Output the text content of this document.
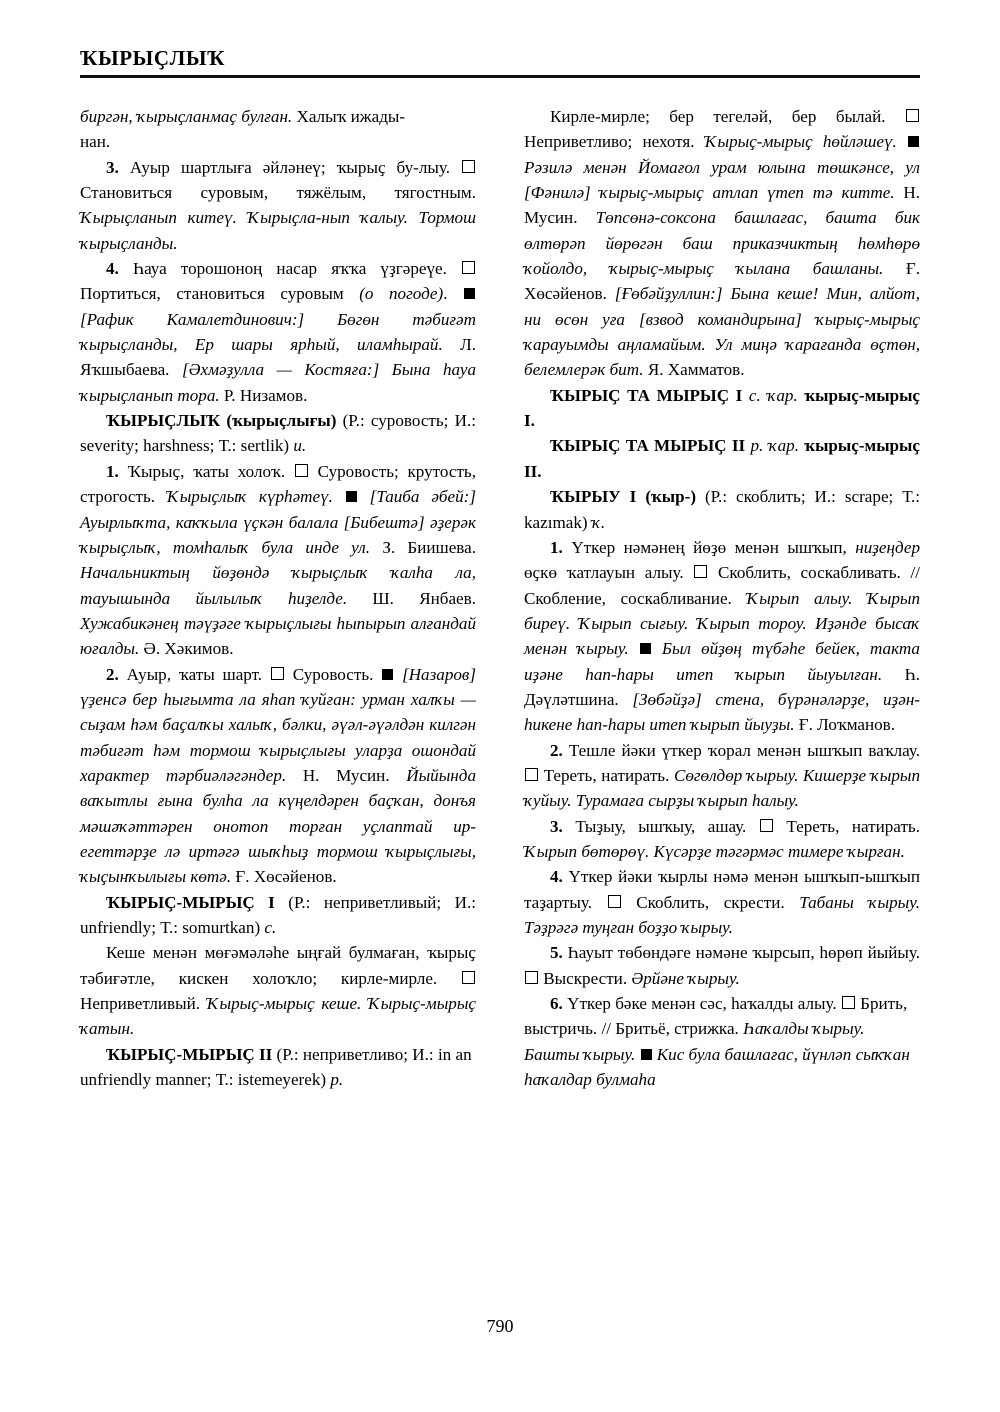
ҠЫРЫҪЛЫҠ

биргән, ҡырыҫланмаҫ булған. Халыҡ ижады-
нан.

3. Ауыр шартлыға әйләнеү; ҡырыҫ бу-лыу.  Становиться суровым, тяжёлым, тягостным. Ҡырыҫланып китеү. Ҡырыҫла-нып ҡалыу. Тормош ҡырыҫланды.

4. Һауа торошоноң насар яҡҡа үҙгәреүе.  Портиться, становиться суровым (о погоде).  [Рафик Камалетдинович:] Бөгөн тәбиғәт ҡырыҫланды, Ер шары ярһый, иламһырай. Л. Яҡшыбаева. [Әхмәҙулла — Костяға:] Бына һауа ҡырыҫланып тора. Р. Низамов.

ҠЫРЫҪЛЫҠ (ҡырыҫлығы) (Р.: суровость; И.: severity; harshness; Т.: sertlik) и.

1. Ҡырыҫ, ҡаты холоҡ.  Суровость; крутость, строгость. Ҡырыҫлыҡ күрһәтеү. [Таиба әбей:] Ауырлыҡта, каҡҡыла үҫкән балала [Бибештә] әҙерәк ҡырыҫлыҡ, томһалыҡ була инде ул. З. Биишева. Начальниктың йөҙөндә ҡырыҫлыҡ ҡалһа ла, тауышында йылылыҡ һиҙелде. Ш. Янбаев. Хужабикәнең тәүҙәге ҡырыҫлығы һыпырып алғандай юғалды. Ә. Хәкимов.

2. Ауыр, ҡаты шарт.  Суровость.  [Назаров] үҙенсә бер һығымта ла яһап ҡуйған: урман халҡы — сыҙам һәм баҫалҡы халыҡ, бәлки, әүәл-әүәлдән килгән тәбиғәт һәм тормош ҡырыҫлығы уларҙа ошондай характер тәрбиәләгәндер. Н. Мусин. Йыйында ваҡытлы ғына булһа ла күңелдәрен баҫҡан, донъя мәшәҡәттәрен онотоп торған уҫлаптай ир-егеттәрҙе лә иртәгә шыҡһыҙ тормош ҡырыҫлығы, ҡыҫынҡылығы көтә. Ғ. Хөсәйенов.

ҠЫРЫҪ-МЫРЫҪ I (Р.: неприветливый; И.: unfriendly; Т.: somurtkan) с.

Кеше менән мөғәмәләһе ыңғай булмаған, ҡырыҫ тәбиғәтле, кискен холоҡло; кирле-мирле.  Неприветливый. Ҡырыҫ-мырыҫ кеше. Ҡырыҫ-мырыҫ ҡатын.

ҠЫРЫҪ-МЫРЫҪ II (Р.: неприветливо; И.: in an unfriendly manner; Т.: istemeyerek) р.

Кирле-мирле; бер тегеләй, бер былай.  Неприветливо; нехотя. Ҡырыҫ-мырыҫ һөйләшеү.  Рәзилә менән Йомағол урам юлына төшкәнсе, ул [Фәнилә] ҡырыҫ-мырыҫ атлап үтеп тә китте. Н. Мусин. Төпсөнә-соксона башлағас, башта бик өлтөрәп йөрөгән баш приказчиктың һөмһөрө ҡойолдо, ҡырыҫ-мырыҫ ҡылана башланы. Ғ. Хөсәйенов. [Ғөбәйҙуллин:] Бына кеше! Мин, алйот, ни өсөн уға [взвод командирына] ҡырыҫ-мырыҫ ҡарауымды аңламайым. Ул миңә ҡарағанда өҫтөн, белемлерәк бит. Я. Хамматов.

ҠЫРЫҪ ТА МЫРЫҪ I с. ҡар. ҡырыҫ-мырыҫ I.

ҠЫРЫҪ ТА МЫРЫҪ II р. ҡар. ҡырыҫ-мырыҫ II.

ҠЫРЫУ I (ҡыр-) (Р.: скоблить; И.: scrape; Т.: kazımak) ҡ.

1. Үткер нәмәнең йөҙө менән ышҡып, ниҙеңдер өҫкө ҡатлауын алыу.  Скоблить, соскабливать. // Скобление, соскабливание. Ҡырып алыу. Ҡырып биреү. Ҡырып сығыу. Ҡырып тороу. Иҙәнде бысаҡ менән ҡырыу. Был өйҙөң түбәһе бейек, такта иҙәне һап-һары итеп ҡырып йыуылған. Һ. Дәүләтшина. [Зөбәйҙә] стена, бүрәнәләрҙе, иҙән-һикене һап-һары итеп ҡырып йыуҙы. Ғ. Лоҡманов.

2. Тешле йәки үткер ҡорал менән ышҡып ваҡлау.  Тереть, натирать. Сөгөлдөр ҡырыу. Кишерҙе ҡырып ҡуйыу. Турамаға сырҙы ҡырып һалыу.

3. Тыҙыу, ышҡыу, ашау.  Тереть, натирать. Ҡырып бөтөрөү. Күсәрҙе тәгәрмәс тимере ҡырған.

4. Үткер йәки ҡырлы нәмә менән ышҡып-ышҡып таҙартыу.  Скоблить, скрести. Табаны ҡырыу. Тәҙрәгә туңған боҙҙо ҡырыу.

5. Һауыт төбөндәге нәмәне ҡырсып, һөрөп йыйыу.  Выскрести. Әрйәне ҡырыу.

6. Үткер бәке менән сәс, һаҡалды алыу.  Брить, выстричь. // Бритьё, стрижка. Һаҡалды ҡырыу. Башты ҡырыу. Кис була башлағас, йүнләп сыҡҡан һаҡалдар булмаһа

790
